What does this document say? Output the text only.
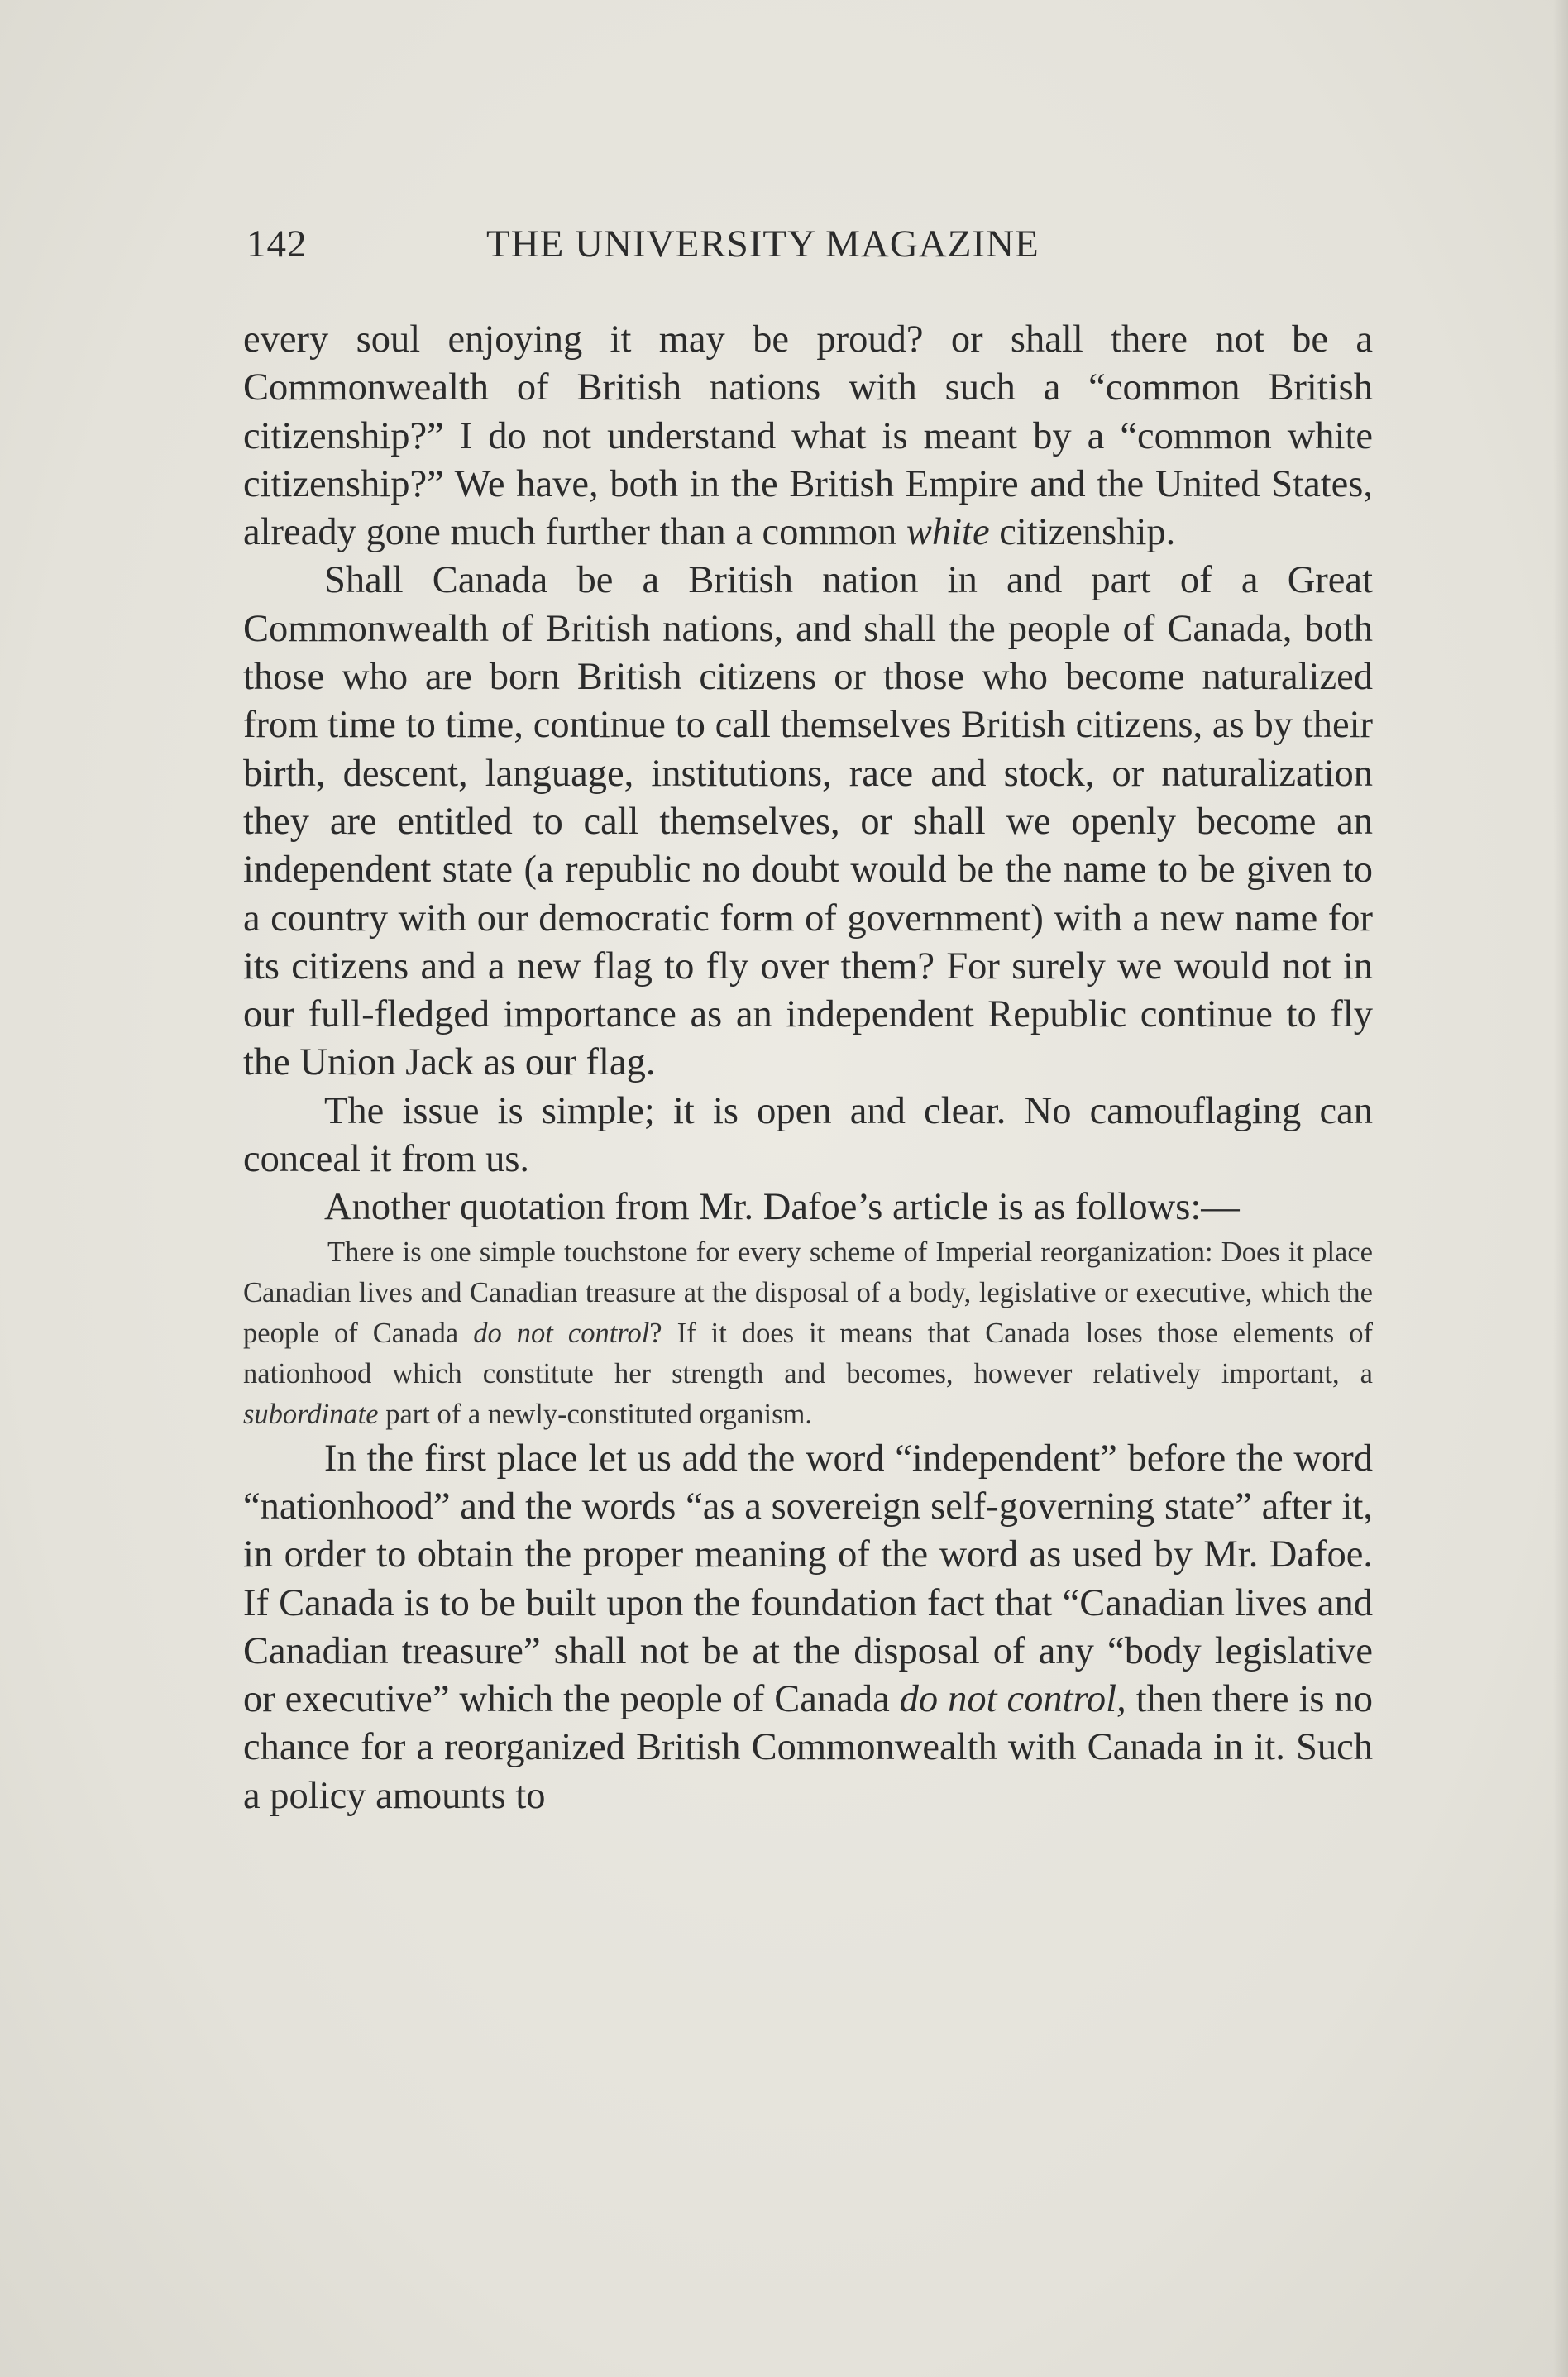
142	THE UNIVERSITY MAGAZINE

every soul enjoying it may be proud? or shall there not be a Commonwealth of British nations with such a “common British citizenship?” I do not understand what is meant by a “common white citizenship?” We have, both in the British Empire and the United States, already gone much further than a common white citizenship.

Shall Canada be a British nation in and part of a Great Commonwealth of British nations, and shall the people of Canada, both those who are born British citizens or those who become naturalized from time to time, continue to call themselves British citizens, as by their birth, descent, language, institutions, race and stock, or naturalization they are entitled to call themselves, or shall we openly become an independent state (a republic no doubt would be the name to be given to a country with our democratic form of government) with a new name for its citizens and a new flag to fly over them? For surely we would not in our full-fledged importance as an independent Republic continue to fly the Union Jack as our flag.

The issue is simple; it is open and clear. No camouflaging can conceal it from us.

Another quotation from Mr. Dafoe’s article is as follows:—

There is one simple touchstone for every scheme of Imperial reorganization: Does it place Canadian lives and Canadian treasure at the disposal of a body, legislative or executive, which the people of Canada do not control? If it does it means that Canada loses those elements of nationhood which constitute her strength and becomes, however relatively important, a subordinate part of a newly-constituted organism.

In the first place let us add the word “independent” before the word “nationhood” and the words “as a sovereign self-governing state” after it, in order to obtain the proper meaning of the word as used by Mr. Dafoe. If Canada is to be built upon the foundation fact that “Canadian lives and Canadian treasure” shall not be at the disposal of any “body legislative or executive” which the people of Canada do not control, then there is no chance for a reorganized British Commonwealth with Canada in it. Such a policy amounts to
